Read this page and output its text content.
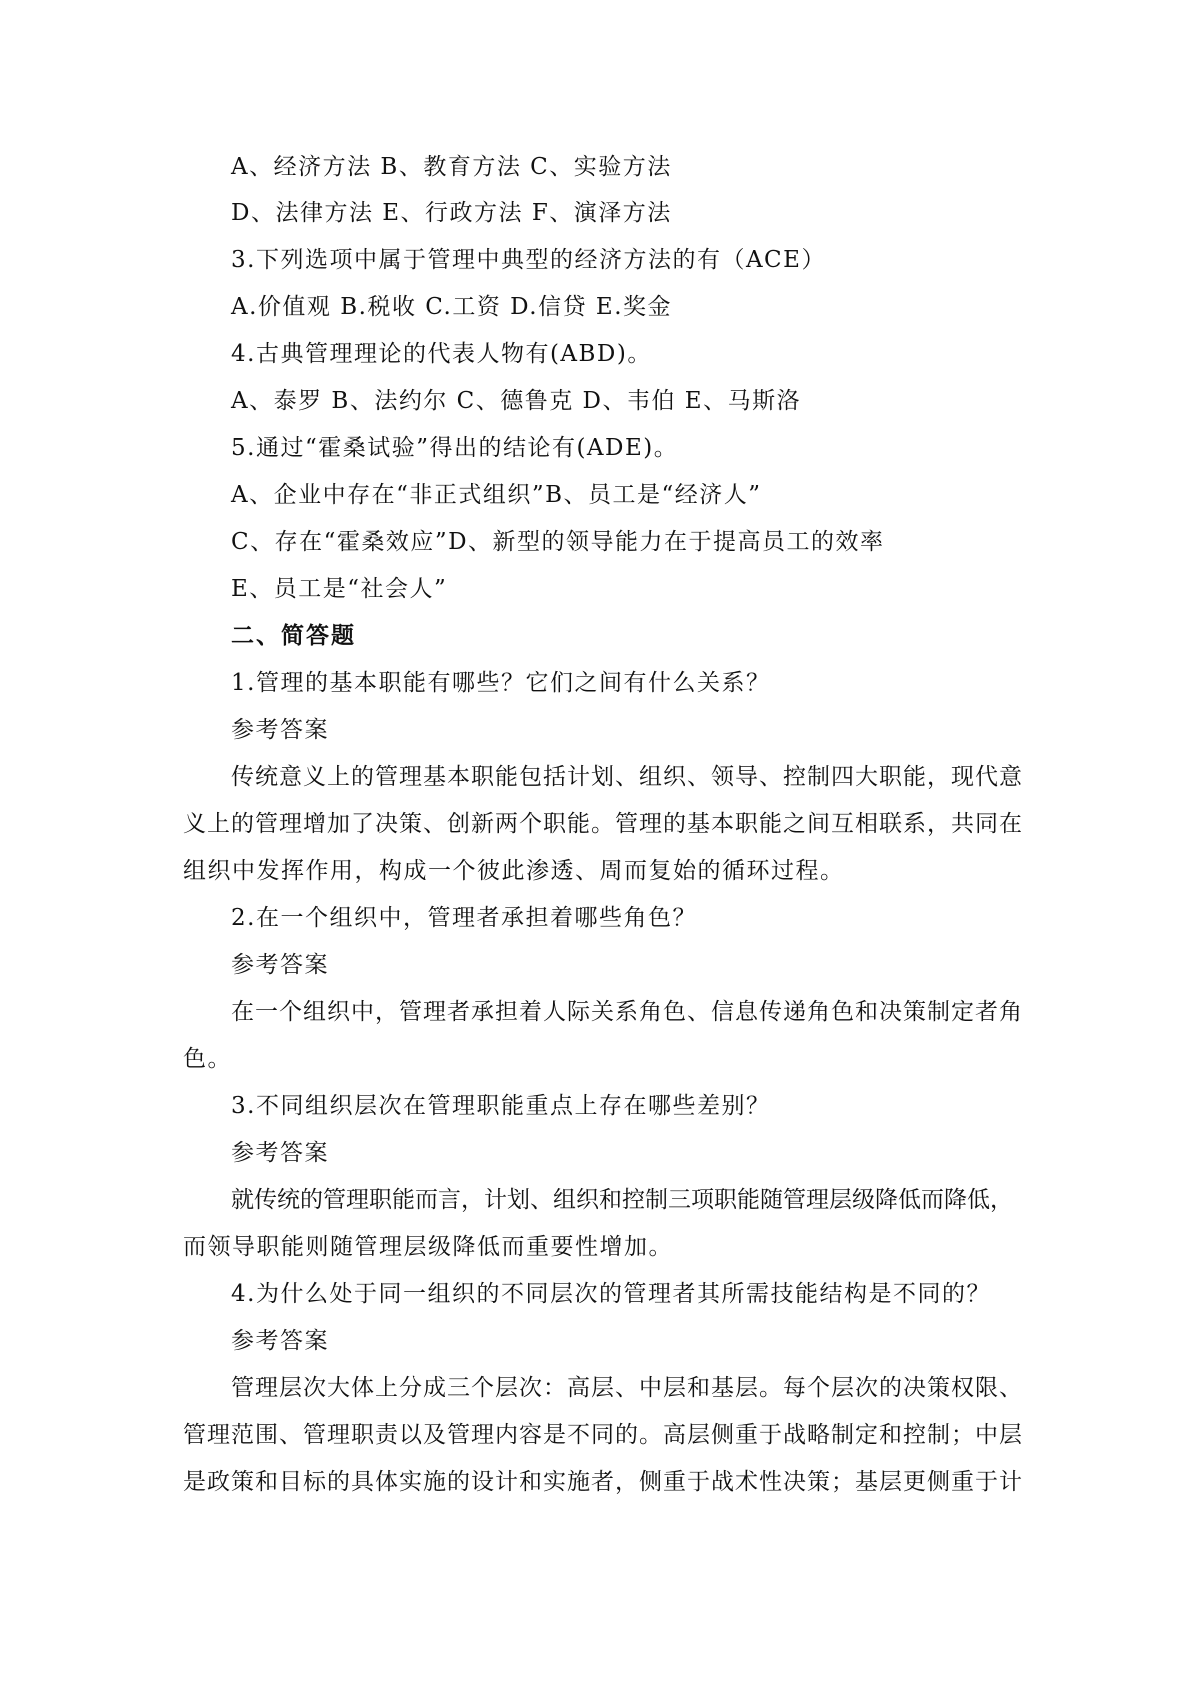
A、经济方法 B、教育方法 C、实验方法
D、法律方法 E、行政方法 F、演泽方法
3.下列选项中属于管理中典型的经济方法的有（ACE）
A.价值观 B.税收 C.工资 D.信贷 E.奖金
4.古典管理理论的代表人物有(ABD)。
A、泰罗 B、法约尔 C、德鲁克 D、韦伯 E、马斯洛
5.通过“霍桑试验”得出的结论有(ADE)。
A、企业中存在“非正式组织”B、员工是“经济人”
C、存在“霍桑效应”D、新型的领导能力在于提高员工的效率
E、员工是“社会人”
二、简答题
1.管理的基本职能有哪些？它们之间有什么关系？
参考答案
传统意义上的管理基本职能包括计划、组织、领导、控制四大职能，现代意
义上的管理增加了决策、创新两个职能。管理的基本职能之间互相联系，共同在
组织中发挥作用，构成一个彼此渗透、周而复始的循环过程。
2.在一个组织中，管理者承担着哪些角色？
参考答案
在一个组织中，管理者承担着人际关系角色、信息传递角色和决策制定者角
色。
3.不同组织层次在管理职能重点上存在哪些差别？
参考答案
就传统的管理职能而言，计划、组织和控制三项职能随管理层级降低而降低，
而领导职能则随管理层级降低而重要性增加。
4.为什么处于同一组织的不同层次的管理者其所需技能结构是不同的？
参考答案
管理层次大体上分成三个层次：高层、中层和基层。每个层次的决策权限、
管理范围、管理职责以及管理内容是不同的。高层侧重于战略制定和控制；中层
是政策和目标的具体实施的设计和实施者，侧重于战术性决策；基层更侧重于计
